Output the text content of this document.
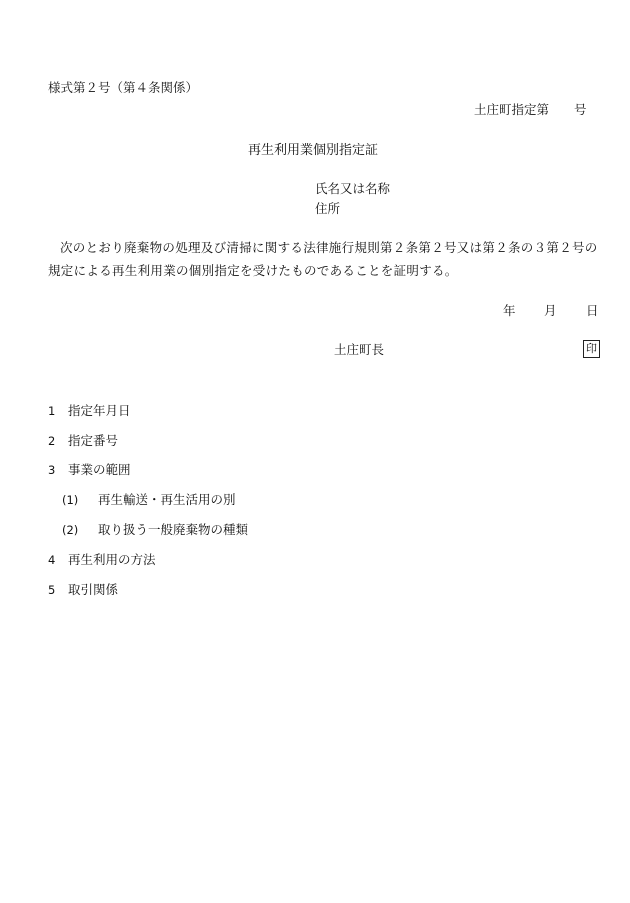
様式第２号（第４条関係）
土庄町指定第　　号
再生利用業個別指定証
氏名又は名称
住所
次のとおり廃棄物の処理及び清掃に関する法律施行規則第２条第２号又は第２条の３第２号の規定による再生利用業の個別指定を受けたものであることを証明する。
年 月 日
土庄町長	印
1 指定年月日
2 指定番号
3 事業の範囲
(1) 再生輸送・再生活用の別
(2) 取り扱う一般廃棄物の種類
4 再生利用の方法
5 取引関係
